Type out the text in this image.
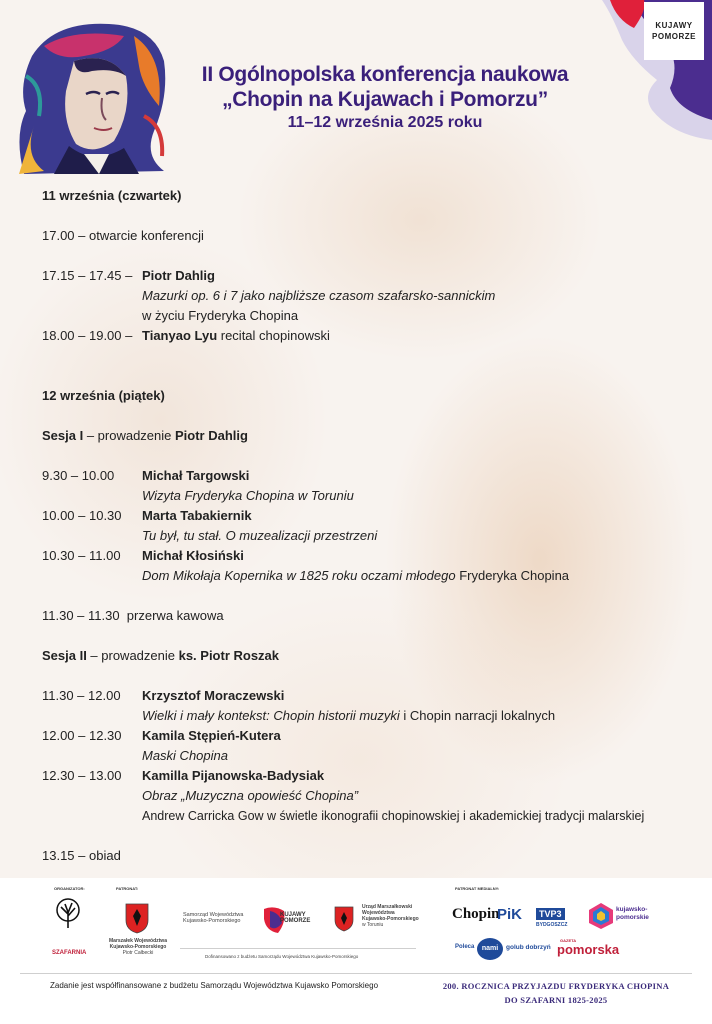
KUJAWY
POMORZE
II Ogólnopolska konferencja naukowa
„Chopin na Kujawach i Pomorzu”
11–12 września 2025 roku
11 września (czwartek)
17.00 – otwarcie konferencji
17.15 – 17.45 – Piotr Dahlig
Mazurki op. 6 i 7 jako najbliższe czasom szafarsko-sannickim
w życiu Fryderyka Chopina
18.00 – 19.00 – Tianyao Lyu recital chopinowski
12 września (piątek)
Sesja I – prowadzenie Piotr Dahlig
9.30 – 10.00 Michał Targowski
Wizyta Fryderyka Chopina w Toruniu
10.00 – 10.30 Marta Tabakiernik
Tu był, tu stał. O muzealizacji przestrzeni
10.30 – 11.00 Michał Kłosiński
Dom Mikołaja Kopernika w 1825 roku oczami młodego Fryderyka Chopina
11.30 – 11.30  przerwa kawowa
Sesja II – prowadzenie ks. Piotr Roszak
11.30 – 12.00 Krzysztof Moraczewski
Wielki i mały kontekst: Chopin historii muzyki i Chopin narracji lokalnych
12.00 – 12.30 Kamila Stępień-Kutera
Maski Chopina
12.30 – 13.00 Kamilla Pijanowska-Badysiak
Obraz „Muzyczna opowieść Chopina”
Andrew Carricka Gow w świetle ikonografii chopinowskiej i akademickiej tradycji malarskiej
13.15 – obiad
ORGANIZATOR:	PATRONAT:	PATRONAT MEDIALNY:
SZAFARNIA
Marszałek Województwa
Kujawsko-Pomorskiego
Piotr Całbecki
Samorząd Województwa
Kujawsko-Pomorskiego
KUJAWY
POMORZE
Urząd Marszałkowski
Województwa
Kujawsko-Pomorskiego
w Toruniu
Dofinansowano z budżetu Samorządu Województwa Kujawsko-Pomorskiego
Chopin
PiK	TVP3
BYDGOSZCZ
kujawsko-
pomorskie
Poleca	nami	golub dobrzyń
GAZETA
pomorska
Zadanie jest współfinansowane z budżetu Samorządu Województwa Kujawsko Pomorskiego	200. ROCZNICA PRZYJAZDU FRYDERYKA CHOPINA
DO SZAFARNI 1825-2025
